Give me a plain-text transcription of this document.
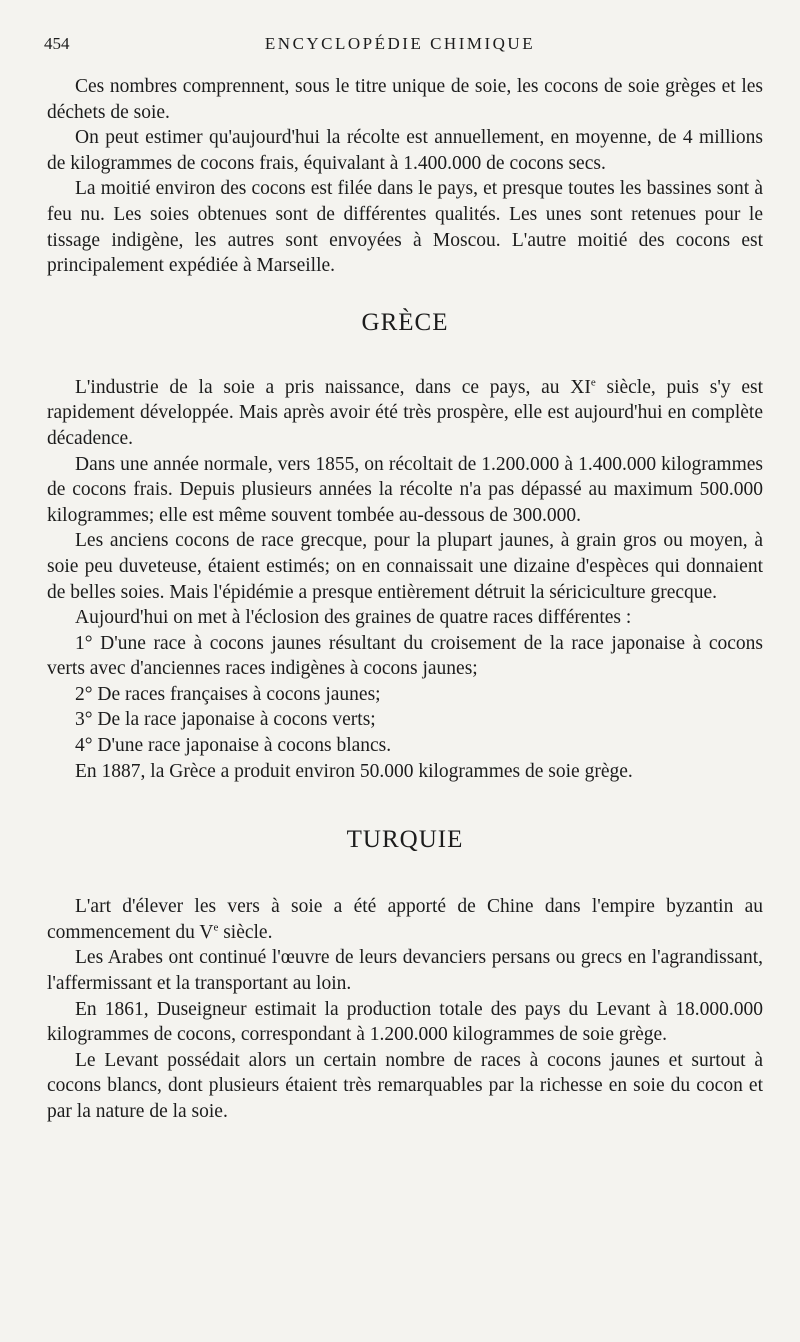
454	ENCYCLOPÉDIE CHIMIQUE

Ces nombres comprennent, sous le titre unique de soie, les cocons de soie grèges et les déchets de soie.

On peut estimer qu'aujourd'hui la récolte est annuellement, en moyenne, de 4 millions de kilogrammes de cocons frais, équivalant à 1.400.000 de cocons secs.

La moitié environ des cocons est filée dans le pays, et presque toutes les bassines sont à feu nu. Les soies obtenues sont de différentes qualités. Les unes sont retenues pour le tissage indigène, les autres sont envoyées à Moscou. L'autre moitié des cocons est principalement expédiée à Marseille.

GRÈCE

L'industrie de la soie a pris naissance, dans ce pays, au XIe siècle, puis s'y est rapidement développée. Mais après avoir été très prospère, elle est aujourd'hui en complète décadence.

Dans une année normale, vers 1855, on récoltait de 1.200.000 à 1.400.000 kilogrammes de cocons frais. Depuis plusieurs années la récolte n'a pas dépassé au maximum 500.000 kilogrammes; elle est même souvent tombée au-dessous de 300.000.

Les anciens cocons de race grecque, pour la plupart jaunes, à grain gros ou moyen, à soie peu duveteuse, étaient estimés; on en connaissait une dizaine d'espèces qui donnaient de belles soies. Mais l'épidémie a presque entièrement détruit la sériciculture grecque.

Aujourd'hui on met à l'éclosion des graines de quatre races différentes :

1° D'une race à cocons jaunes résultant du croisement de la race japonaise à cocons verts avec d'anciennes races indigènes à cocons jaunes;

2° De races françaises à cocons jaunes;

3° De la race japonaise à cocons verts;

4° D'une race japonaise à cocons blancs.

En 1887, la Grèce a produit environ 50.000 kilogrammes de soie grège.

TURQUIE

L'art d'élever les vers à soie a été apporté de Chine dans l'empire byzantin au commencement du Ve siècle.

Les Arabes ont continué l'œuvre de leurs devanciers persans ou grecs en l'agrandissant, l'affermissant et la transportant au loin.

En 1861, Duseigneur estimait la production totale des pays du Levant à 18.000.000 kilogrammes de cocons, correspondant à 1.200.000 kilogrammes de soie grège.

Le Levant possédait alors un certain nombre de races à cocons jaunes et surtout à cocons blancs, dont plusieurs étaient très remarquables par la richesse en soie du cocon et par la nature de la soie.
